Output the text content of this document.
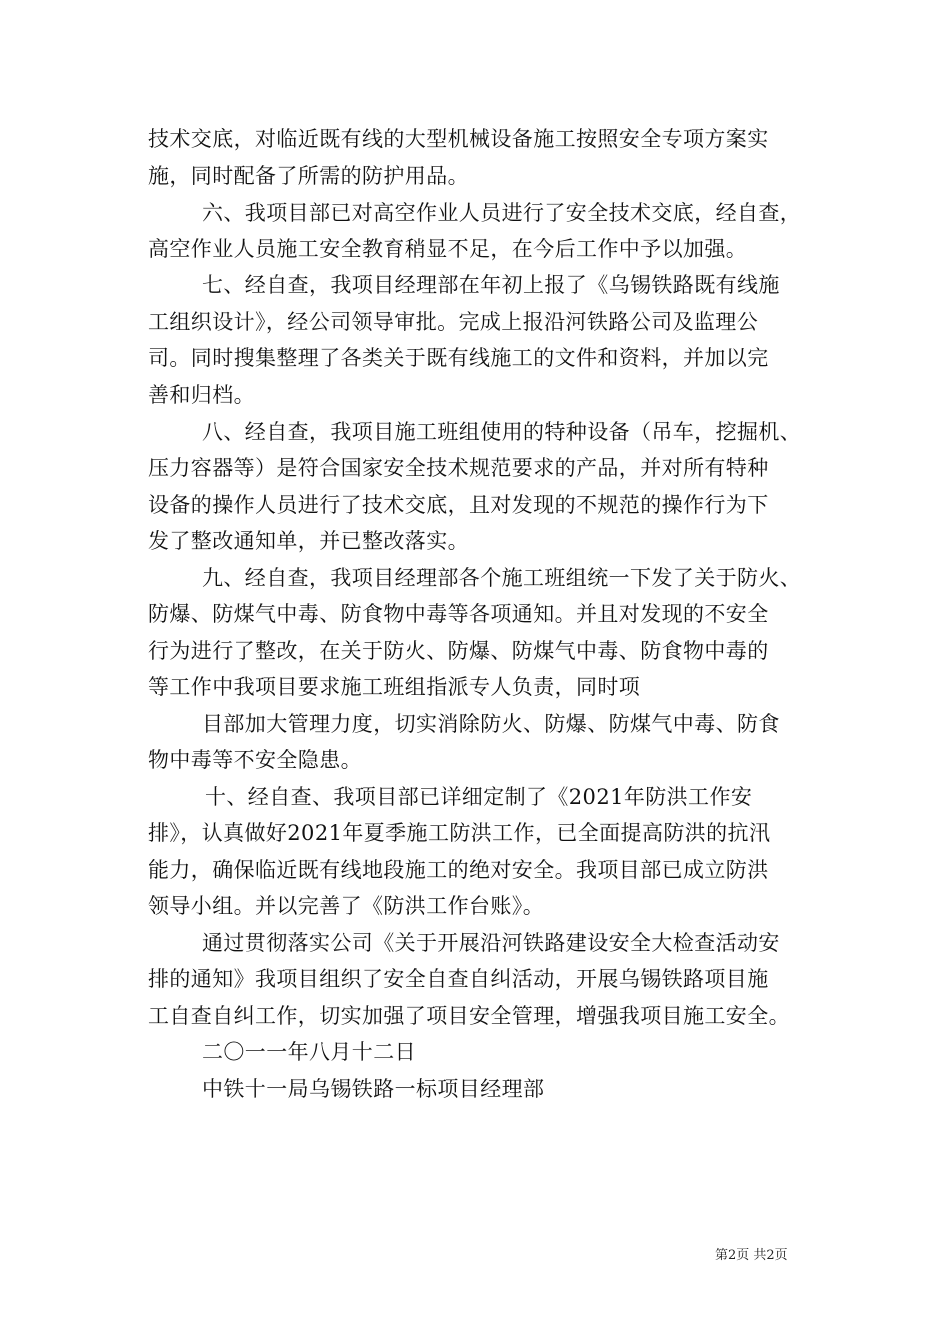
技术交底，对临近既有线的大型机械设备施工按照安全专项方案实
施，同时配备了所需的防护用品。
六、我项目部已对高空作业人员进行了安全技术交底，经自查，
高空作业人员施工安全教育稍显不足，在今后工作中予以加强。
七、经自查，我项目经理部在年初上报了《乌锡铁路既有线施
工组织设计》，经公司领导审批。完成上报沿河铁路公司及监理公
司。同时搜集整理了各类关于既有线施工的文件和资料，并加以完
善和归档。
八、经自查，我项目施工班组使用的特种设备（吊车，挖掘机、
压力容器等）是符合国家安全技术规范要求的产品，并对所有特种
设备的操作人员进行了技术交底，且对发现的不规范的操作行为下
发了整改通知单，并已整改落实。
九、经自查，我项目经理部各个施工班组统一下发了关于防火、
防爆、防煤气中毒、防食物中毒等各项通知。并且对发现的不安全
行为进行了整改，在关于防火、防爆、防煤气中毒、防食物中毒的
等工作中我项目要求施工班组指派专人负责，同时项
目部加大管理力度，切实消除防火、防爆、防煤气中毒、防食
物中毒等不安全隐患。
十、经自查、我项目部已详细定制了《2021年防洪工作安
排》，认真做好2021年夏季施工防洪工作，已全面提高防洪的抗汛
能力，确保临近既有线地段施工的绝对安全。我项目部已成立防洪
领导小组。并以完善了《防洪工作台账》。
通过贯彻落实公司《关于开展沿河铁路建设安全大检查活动安
排的通知》我项目组织了安全自查自纠活动，开展乌锡铁路项目施
工自查自纠工作，切实加强了项目安全管理，增强我项目施工安全。
二〇一一年八月十二日
中铁十一局乌锡铁路一标项目经理部
第2页 共2页
